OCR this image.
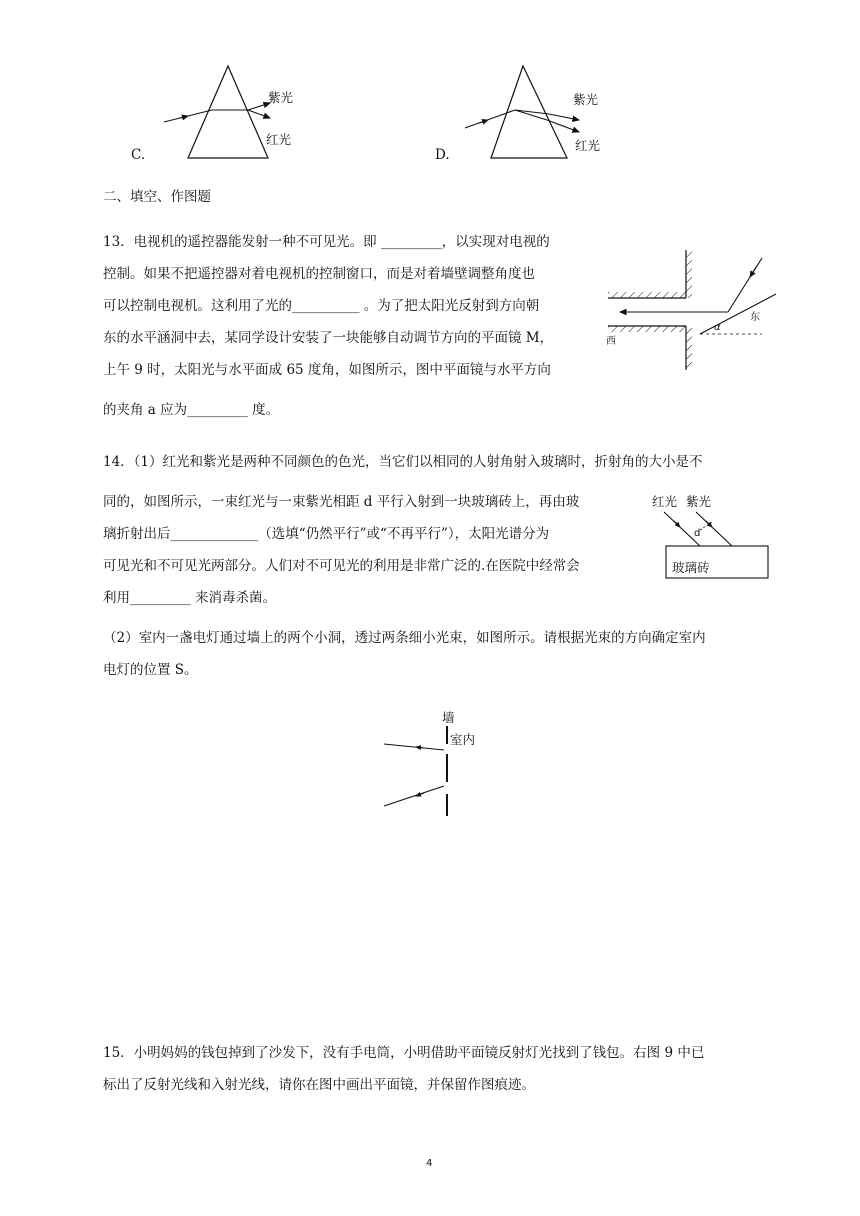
紫光
红光
C.
紫光
红光
D.
二、填空、作图题
13．电视机的遥控器能发射一种不可见光。即 _________，以实现对电视的
控制。如果不把遥控器对着电视机的控制窗口，而是对着墙壁调整角度也
可以控制电视机。这利用了光的__________ 。为了把太阳光反射到方向朝
东的水平涵洞中去，某同学设计安装了一块能够自动调节方向的平面镜 M，
上午 9 时，太阳光与水平面成 65 度角，如图所示，图中平面镜与水平方向
的夹角 a 应为_________ 度。
α
东
西
14．（1）红光和紫光是两种不同颜色的色光，当它们以相同的人射角射入玻璃时，折射角的大小是不
同的，如图所示，一束红光与一束紫光相距 d 平行入射到一块玻璃砖上，再由玻
璃折射出后_____________（选填“仍然平行”或“不再平行”），太阳光谱分为
可见光和不可见光两部分。人们对不可见光的利用是非常广泛的.在医院中经常会
利用_________ 来消毒杀菌。
红光 紫光
d
玻璃砖
（2）室内一盏电灯通过墙上的两个小洞，透过两条细小光束，如图所示。请根据光束的方向确定室内
电灯的位置 S。
墙
室内
15．小明妈妈的钱包掉到了沙发下，没有手电筒，小明借助平面镜反射灯光找到了钱包。右图 9 中已
标出了反射光线和入射光线，请你在图中画出平面镜，并保留作图痕迹。
4
